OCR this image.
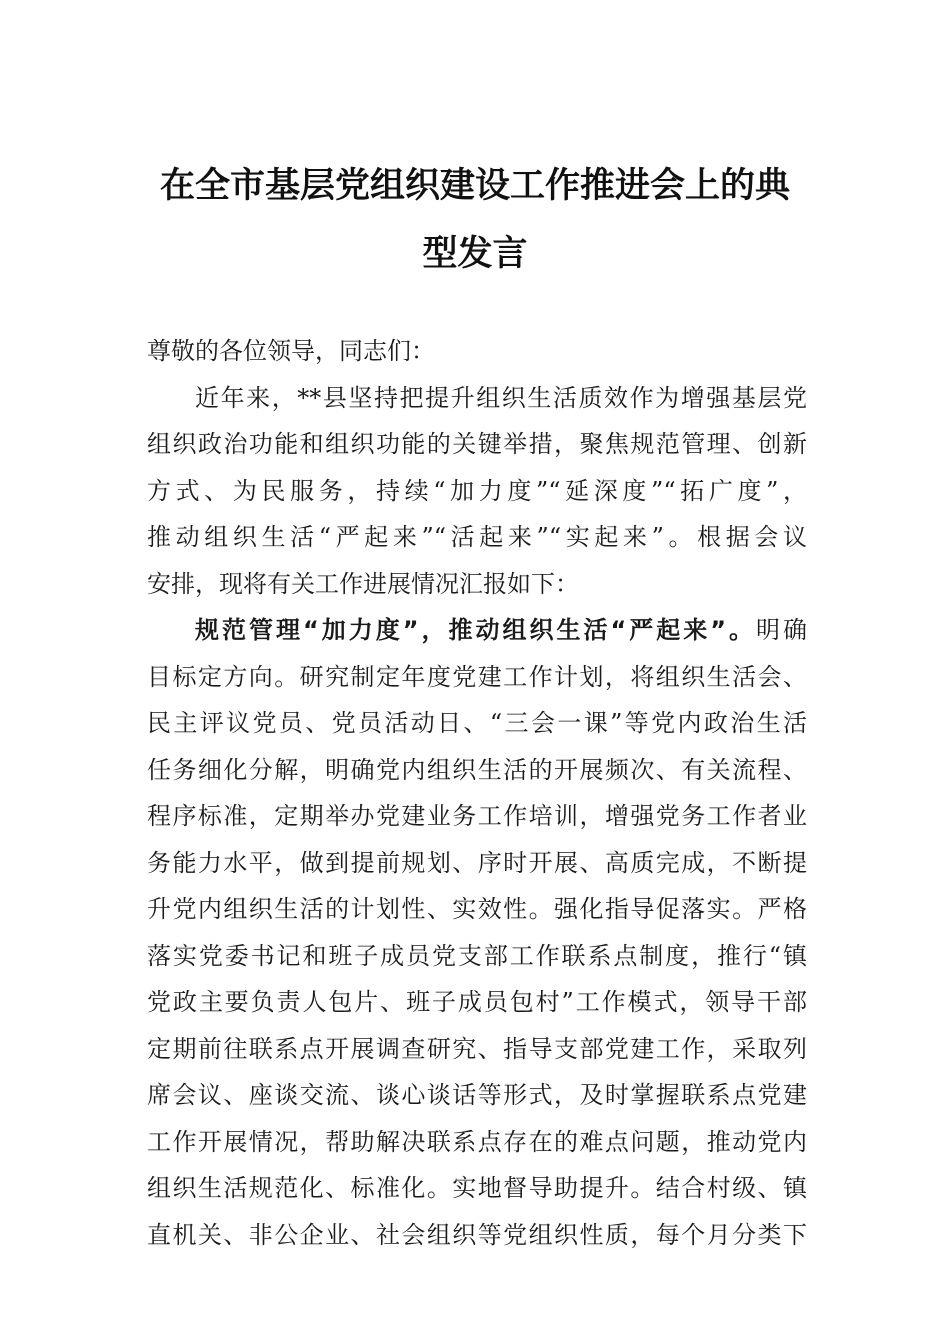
在全市基层党组织建设工作推进会上的典
型发言
尊敬的各位领导，同志们：
近年来，**县坚持把提升组织生活质效作为增强基层党
组织政治功能和组织功能的关键举措，聚焦规范管理、创新
方式、为民服务，持续“加力度”“延深度”“拓广度”，
推动组织生活“严起来”“活起来”“实起来”。根据会议
安排，现将有关工作进展情况汇报如下：
规范管理“加力度”，推动组织生活“严起来”。明确
目标定方向。研究制定年度党建工作计划，将组织生活会、
民主评议党员、党员活动日、“三会一课”等党内政治生活
任务细化分解，明确党内组织生活的开展频次、有关流程、
程序标准，定期举办党建业务工作培训，增强党务工作者业
务能力水平，做到提前规划、序时开展、高质完成，不断提
升党内组织生活的计划性、实效性。强化指导促落实。严格
落实党委书记和班子成员党支部工作联系点制度，推行“镇
党政主要负责人包片、班子成员包村”工作模式，领导干部
定期前往联系点开展调查研究、指导支部党建工作，采取列
席会议、座谈交流、谈心谈话等形式，及时掌握联系点党建
工作开展情况，帮助解决联系点存在的难点问题，推动党内
组织生活规范化、标准化。实地督导助提升。结合村级、镇
直机关、非公企业、社会组织等党组织性质，每个月分类下
